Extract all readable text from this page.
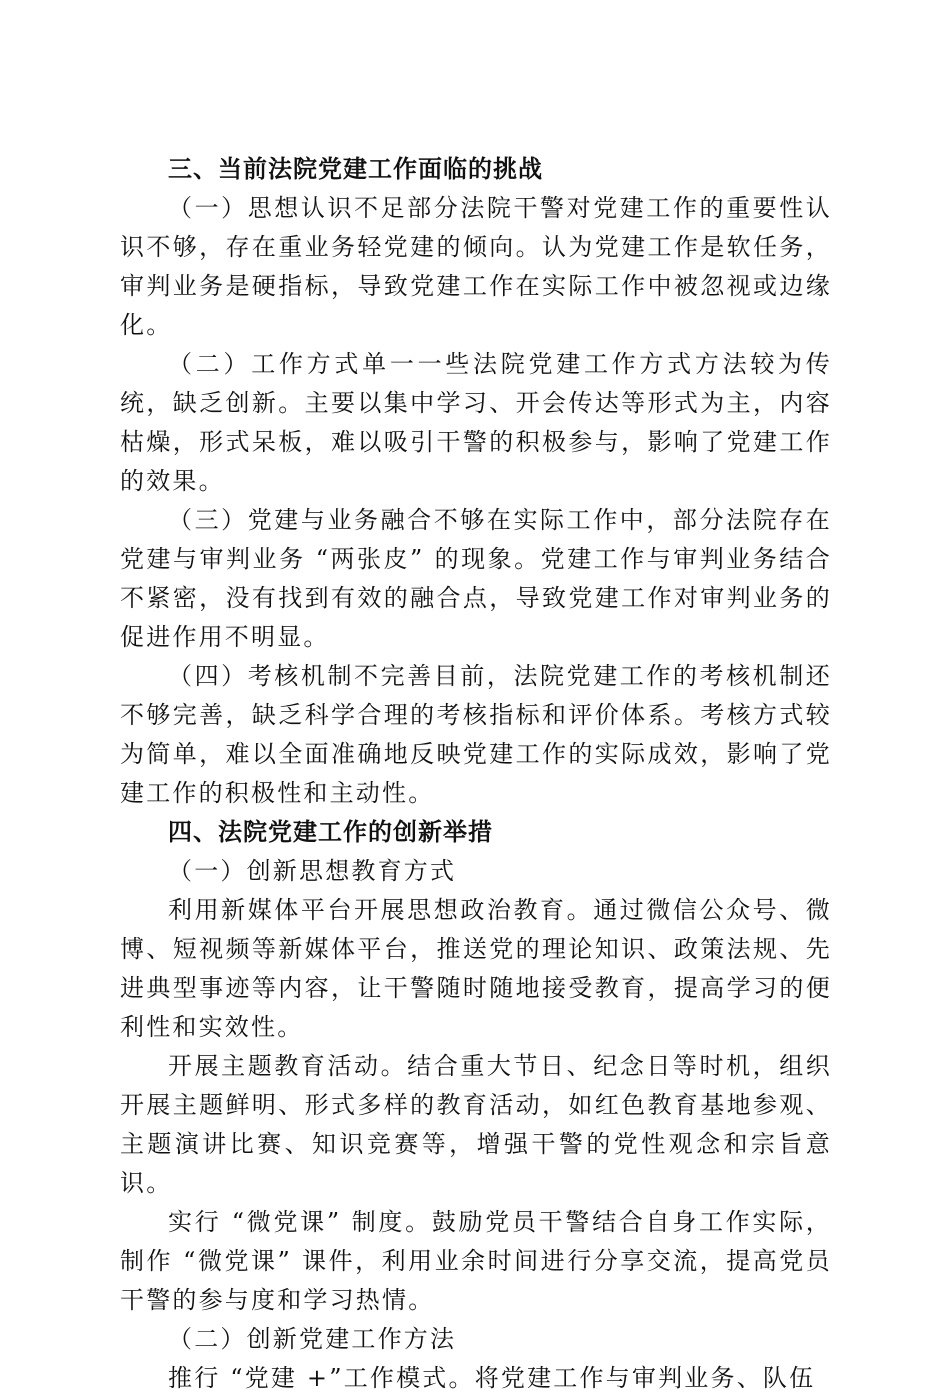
三、当前法院党建工作面临的挑战

（一）思想认识不足部分法院干警对党建工作的重要性认识不够，存在重业务轻党建的倾向。认为党建工作是软任务，审判业务是硬指标，导致党建工作在实际工作中被忽视或边缘化。

（二）工作方式单一一些法院党建工作方式方法较为传统，缺乏创新。主要以集中学习、开会传达等形式为主，内容枯燥，形式呆板，难以吸引干警的积极参与，影响了党建工作的效果。

（三）党建与业务融合不够在实际工作中，部分法院存在党建与审判业务 “两张皮” 的现象。党建工作与审判业务结合不紧密，没有找到有效的融合点，导致党建工作对审判业务的促进作用不明显。

（四）考核机制不完善目前，法院党建工作的考核机制还不够完善，缺乏科学合理的考核指标和评价体系。考核方式较为简单，难以全面准确地反映党建工作的实际成效，影响了党建工作的积极性和主动性。

四、法院党建工作的创新举措

（一）创新思想教育方式

利用新媒体平台开展思想政治教育。通过微信公众号、微博、短视频等新媒体平台，推送党的理论知识、政策法规、先进典型事迹等内容，让干警随时随地接受教育，提高学习的便利性和实效性。

开展主题教育活动。结合重大节日、纪念日等时机，组织开展主题鲜明、形式多样的教育活动，如红色教育基地参观、主题演讲比赛、知识竞赛等，增强干警的党性观念和宗旨意识。

实行 “微党课” 制度。鼓励党员干警结合自身工作实际，制作 “微党课” 课件，利用业余时间进行分享交流，提高党员干警的参与度和学习热情。

（二）创新党建工作方法

推行 “党建 +”工作模式。将党建工作与审判业务、队伍
